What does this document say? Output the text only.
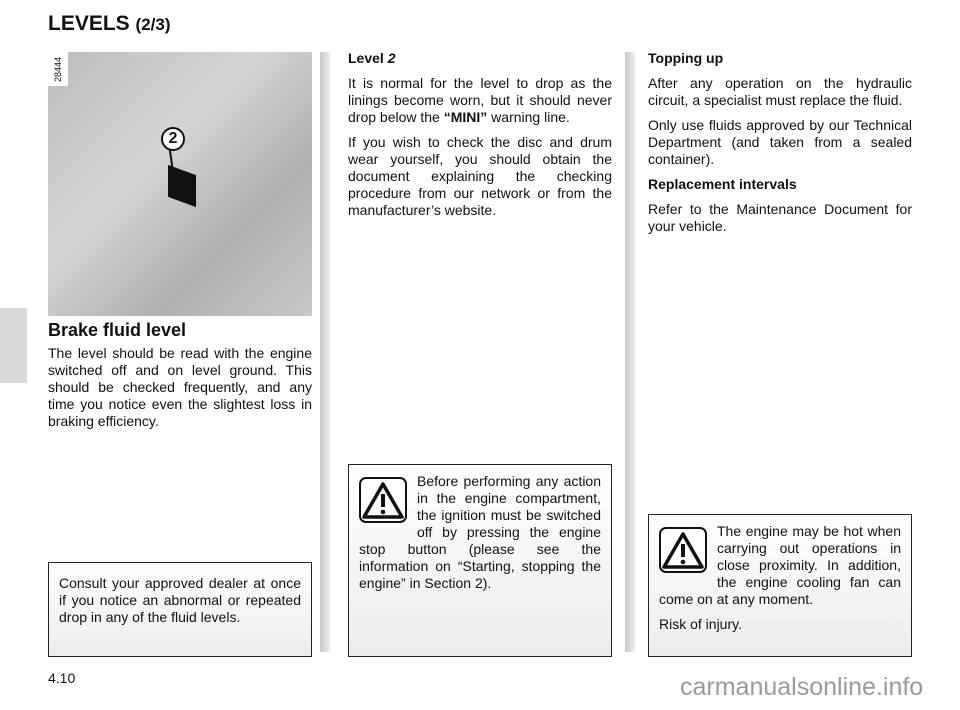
LEVELS (2/3)
28444
2
Brake fluid level

The level should be read with the engine switched off and on level ground. This should be checked frequently, and any time you notice even the slightest loss in braking efficiency.

Consult your approved dealer at once if you notice an abnormal or repeated drop in any of the fluid levels.

Level 2

It is normal for the level to drop as the linings become worn, but it should never drop below the “MINI” warning line.

If you wish to check the disc and drum wear yourself, you should obtain the document explaining the checking procedure from our network or from the manufacturer’s website.

Before performing any action in the engine compartment, the ignition must be switched off by pressing the engine stop button (please see the information on “Starting, stopping the engine” in Section 2).

Topping up

After any operation on the hydraulic circuit, a specialist must replace the fluid.

Only use fluids approved by our Technical Department (and taken from a sealed container).

Replacement intervals

Refer to the Maintenance Document for your vehicle.

The engine may be hot when carrying out operations in close proximity. In addition, the engine cooling fan can come on at any moment.

Risk of injury.

4.10	carmanualsonline.info
